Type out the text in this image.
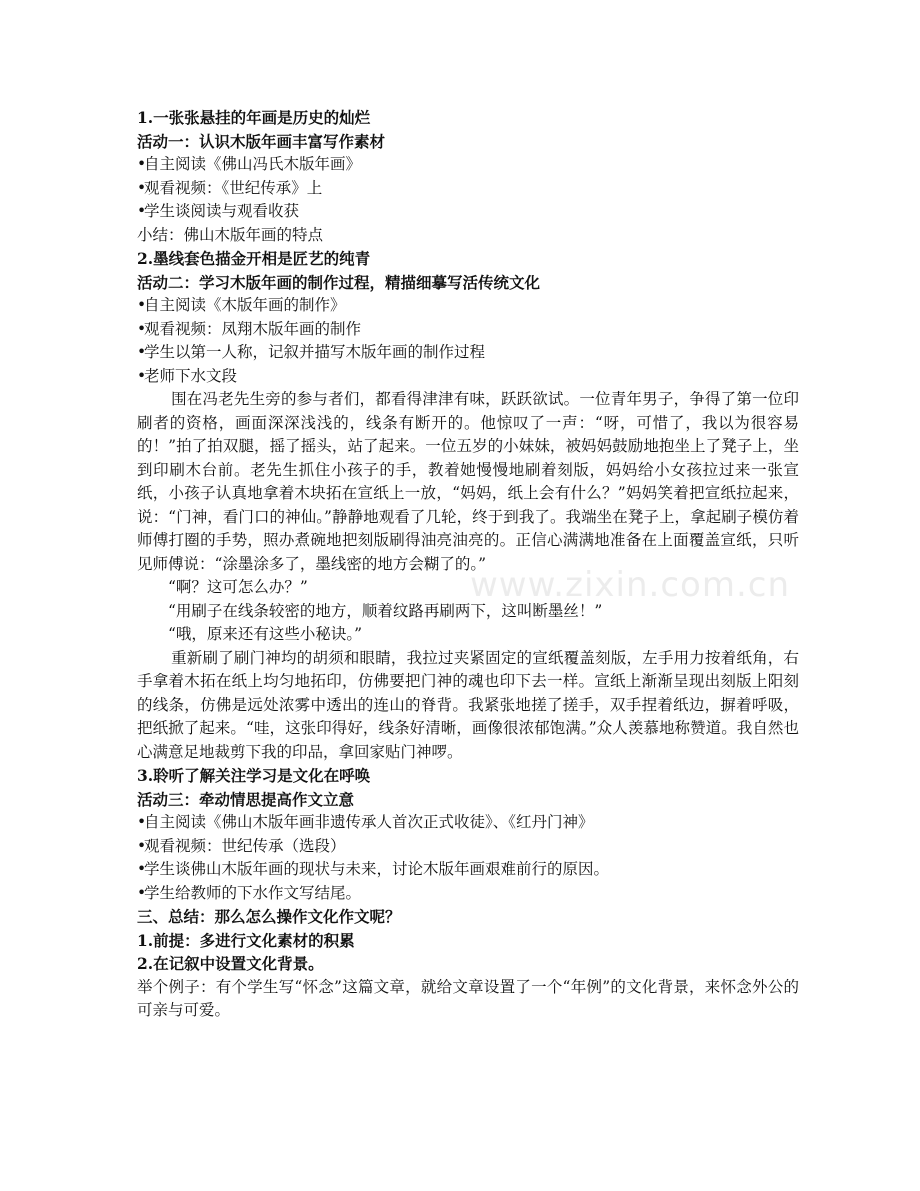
1.一张张悬挂的年画是历史的灿烂
活动一：认识木版年画丰富写作素材
• 自主阅读《佛山冯氏木版年画》
• 观看视频：《世纪传承》上
• 学生谈阅读与观看收获
小结：佛山木版年画的特点
2.墨线套色描金开相是匠艺的纯青
活动二：学习木版年画的制作过程，精描细摹写活传统文化
• 自主阅读《木版年画的制作》
• 观看视频：凤翔木版年画的制作
• 学生以第一人称，记叙并描写木版年画的制作过程
• 老师下水文段

围在冯老先生旁的参与者们，都看得津津有味，跃跃欲试。一位青年男子，争得了第一位印刷者的资格，画面深深浅浅的，线条有断开的。他惊叹了一声：“呀，可惜了，我以为很容易的！”拍了拍双腿，摇了摇头，站了起来。一位五岁的小妹妹，被妈妈鼓励地抱坐上了凳子上，坐到印刷木台前。老先生抓住小孩子的手，教着她慢慢地刷着刻版，妈妈给小女孩拉过来一张宣纸，小孩子认真地拿着木块拓在宣纸上一放，“妈妈，纸上会有什么？”妈妈笑着把宣纸拉起来，说：“门神，看门口的神仙。”静静地观看了几轮，终于到我了。我端坐在凳子上，拿起刷子模仿着师傅打圈的手势，照办煮碗地把刻版刷得油亮油亮的。正信心满满地准备在上面覆盖宣纸，只听见师傅说：“涂墨涂多了，墨线密的地方会糊了的。”

“啊？这可怎么办？”

“用刷子在线条较密的地方，顺着纹路再刷两下，这叫断墨丝！”

“哦，原来还有这些小秘诀。”

重新刷了刷门神均的胡须和眼睛，我拉过夹紧固定的宣纸覆盖刻版，左手用力按着纸角，右手拿着木拓在纸上均匀地拓印，仿佛要把门神的魂也印下去一样。宣纸上渐渐呈现出刻版上阳刻的线条，仿佛是远处浓雾中透出的连山的脊背。我紧张地搓了搓手，双手捏着纸边，摒着呼吸，把纸掀了起来。“哇，这张印得好，线条好清晰，画像很浓郁饱满。”众人羡慕地称赞道。我自然也心满意足地裁剪下我的印品，拿回家贴门神啰。

3.聆听了解关注学习是文化在呼唤
活动三：牵动情思提高作文立意
• 自主阅读《佛山木版年画非遗传承人首次正式收徒》、《红丹门神》
• 观看视频：世纪传承（选段）
• 学生谈佛山木版年画的现状与未来，讨论木版年画艰难前行的原因。
• 学生给教师的下水作文写结尾。
三、总结：那么怎么操作文化作文呢？
1.前提：多进行文化素材的积累
2.在记叙中设置文化背景。

举个例子：有个学生写“怀念”这篇文章，就给文章设置了一个“年例”的文化背景，来怀念外公的可亲与可爱。

www.zixin.com.cn
